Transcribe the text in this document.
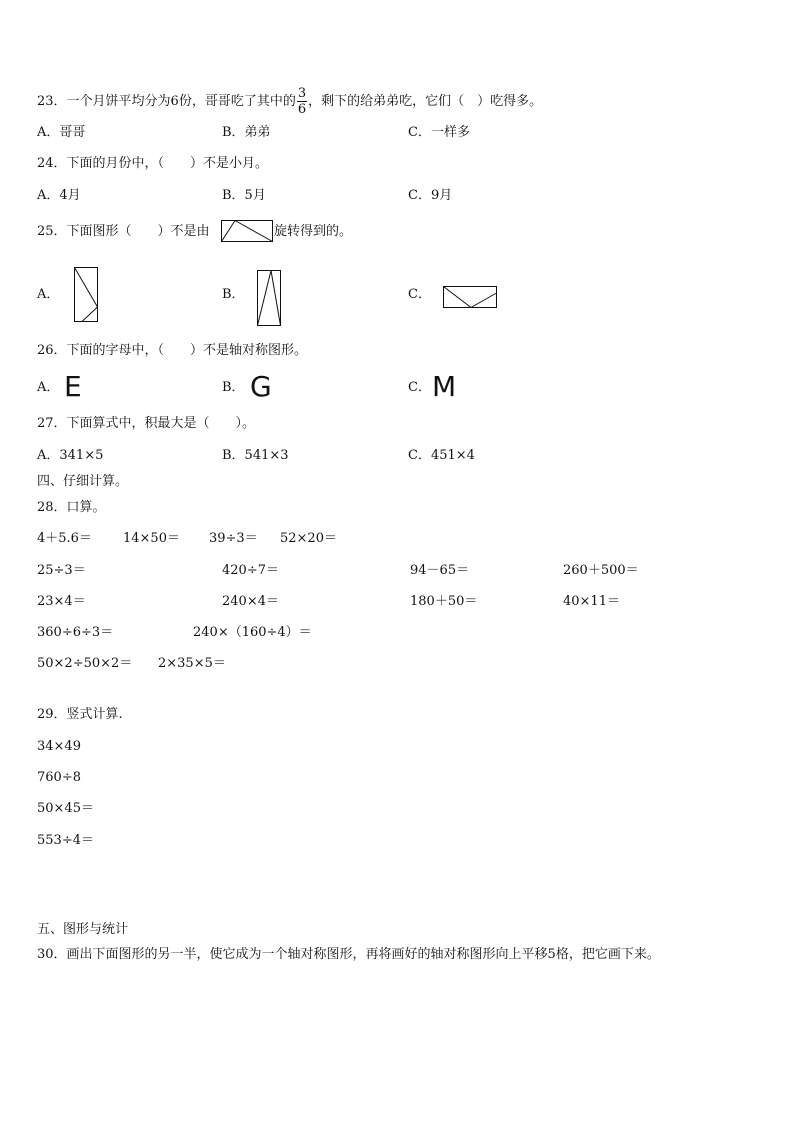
23．一个月饼平均分为6份，哥哥吃了其中的 $\frac{3}{6}$ ，剩下的给弟弟吃，它们（　）吃得多。
A．哥哥	B．弟弟	C．一样多
24．下面的月份中，（　　）不是小月。
A．4月	B．5月	C．9月
25．下面图形（　　）不是由	旋转得到的。
A．	B．	C．
26．下面的字母中，（　　）不是轴对称图形。
A． E	B． G	C． M
27．下面算式中，积最大是（　　）。
A．341×5	B．541×3	C．451×4
四、仔细计算。
28．口算。
4＋5.6＝ 14×50＝ 39÷3＝ 52×20＝
25÷3＝	420÷7＝	94－65＝	260＋500＝
23×4＝	240×4＝	180＋50＝	40×11＝
360÷6÷3＝	240×（160÷4）＝
50×2÷50×2＝ 2×35×5＝
29．竖式计算.
34×49
760÷8
50×45＝
553÷4＝
五、图形与统计
30．画出下面图形的另一半，使它成为一个轴对称图形，再将画好的轴对称图形向上平移5格，把它画下来。
